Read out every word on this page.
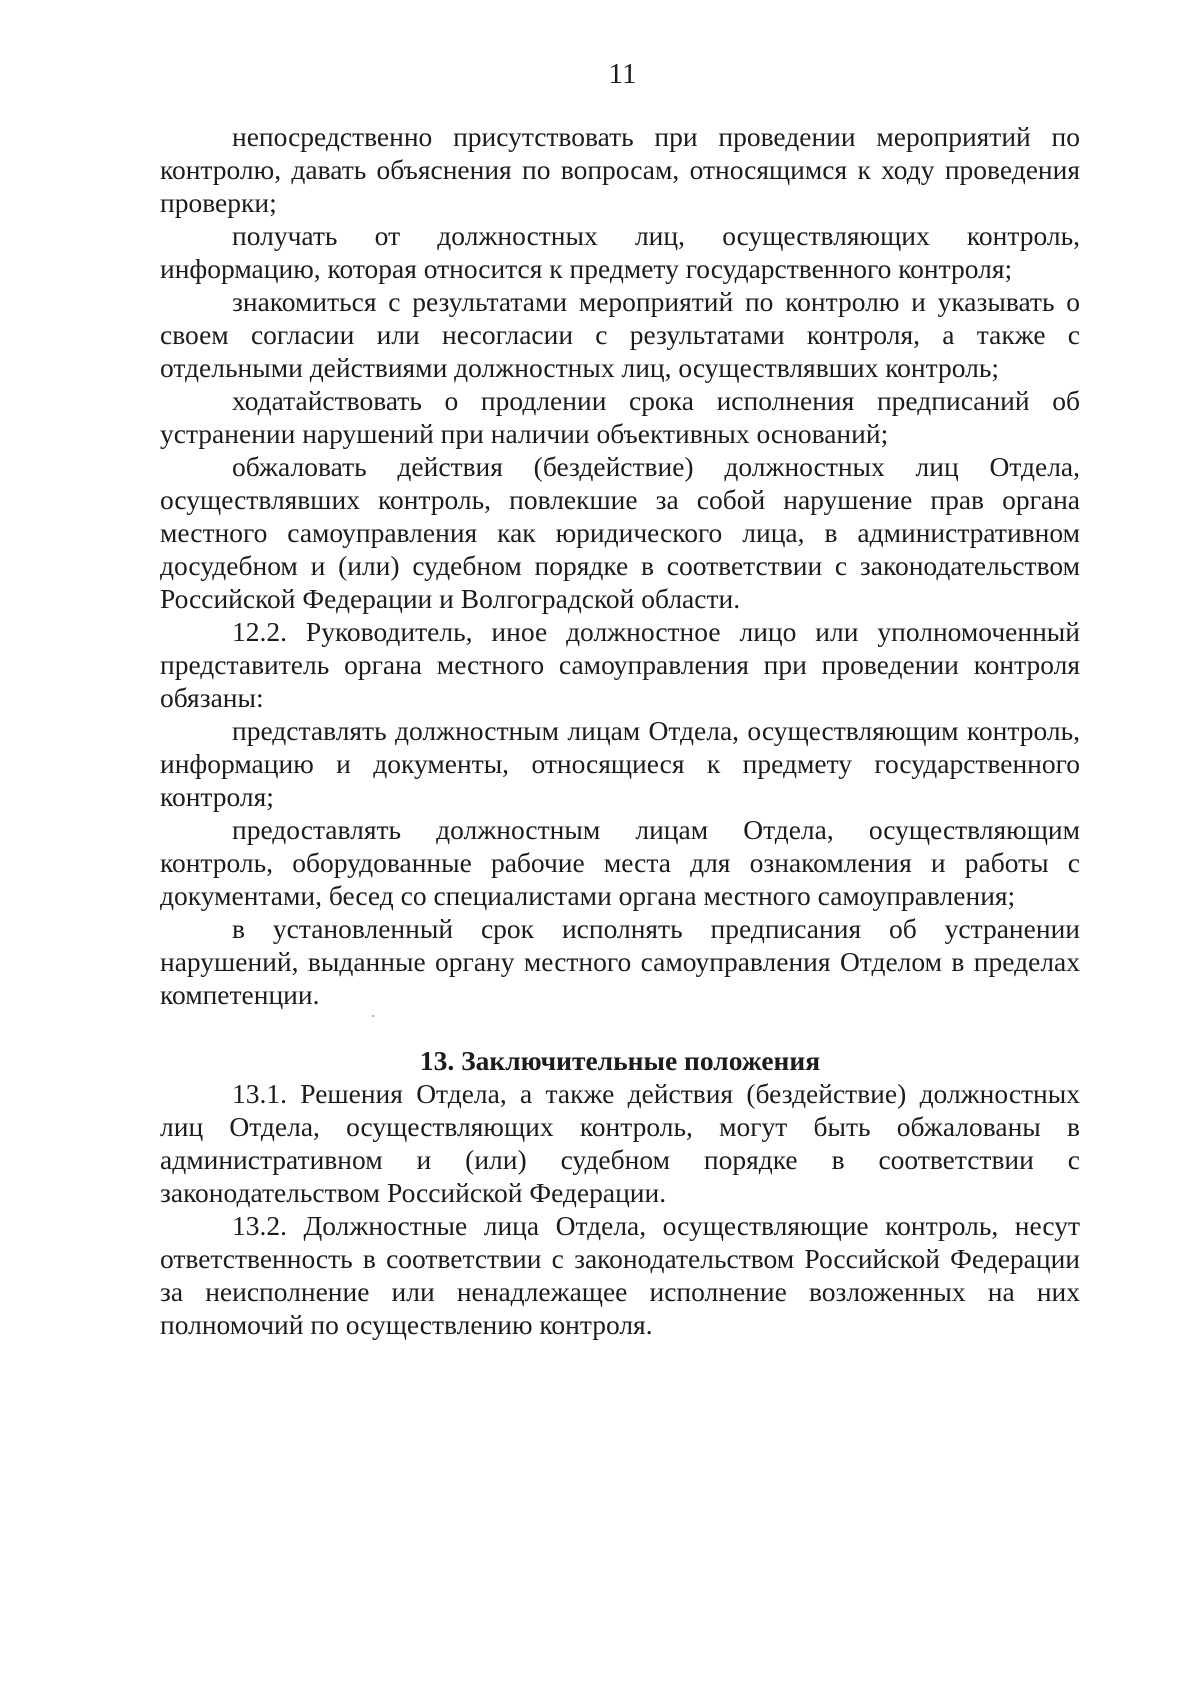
11

непосредственно присутствовать при проведении мероприятий по контролю, давать объяснения по вопросам, относящимся к ходу проведения проверки;

получать от должностных лиц, осуществляющих контроль, информацию, которая относится к предмету государственного контроля;

знакомиться с результатами мероприятий по контролю и указывать о своем согласии или несогласии с результатами контроля, а также с отдельными действиями должностных лиц, осуществлявших контроль;

ходатайствовать о продлении срока исполнения предписаний об устранении нарушений при наличии объективных оснований;

обжаловать действия (бездействие) должностных лиц Отдела, осуществлявших контроль, повлекшие за собой нарушение прав органа местного самоуправления как юридического лица, в административном досудебном и (или) судебном порядке в соответствии с законодательством Российской Федерации и Волгоградской области.

12.2. Руководитель, иное должностное лицо или уполномоченный представитель органа местного самоуправления при проведении контроля обязаны:

представлять должностным лицам Отдела, осуществляющим контроль, информацию и документы, относящиеся к предмету государственного контроля;

предоставлять должностным лицам Отдела, осуществляющим контроль, оборудованные рабочие места для ознакомления и работы с документами, бесед со специалистами органа местного самоуправления;

в установленный срок исполнять предписания об устранении нарушений, выданные органу местного самоуправления Отделом в пределах компетенции.

13. Заключительные положения

13.1. Решения Отдела, а также действия (бездействие) должностных лиц Отдела, осуществляющих контроль, могут быть обжалованы в административном и (или) судебном порядке в соответствии с законодательством Российской Федерации.

13.2. Должностные лица Отдела, осуществляющие контроль, несут ответственность в соответствии с законодательством Российской Федерации за неисполнение или ненадлежащее исполнение возложенных на них полномочий по осуществлению контроля.
